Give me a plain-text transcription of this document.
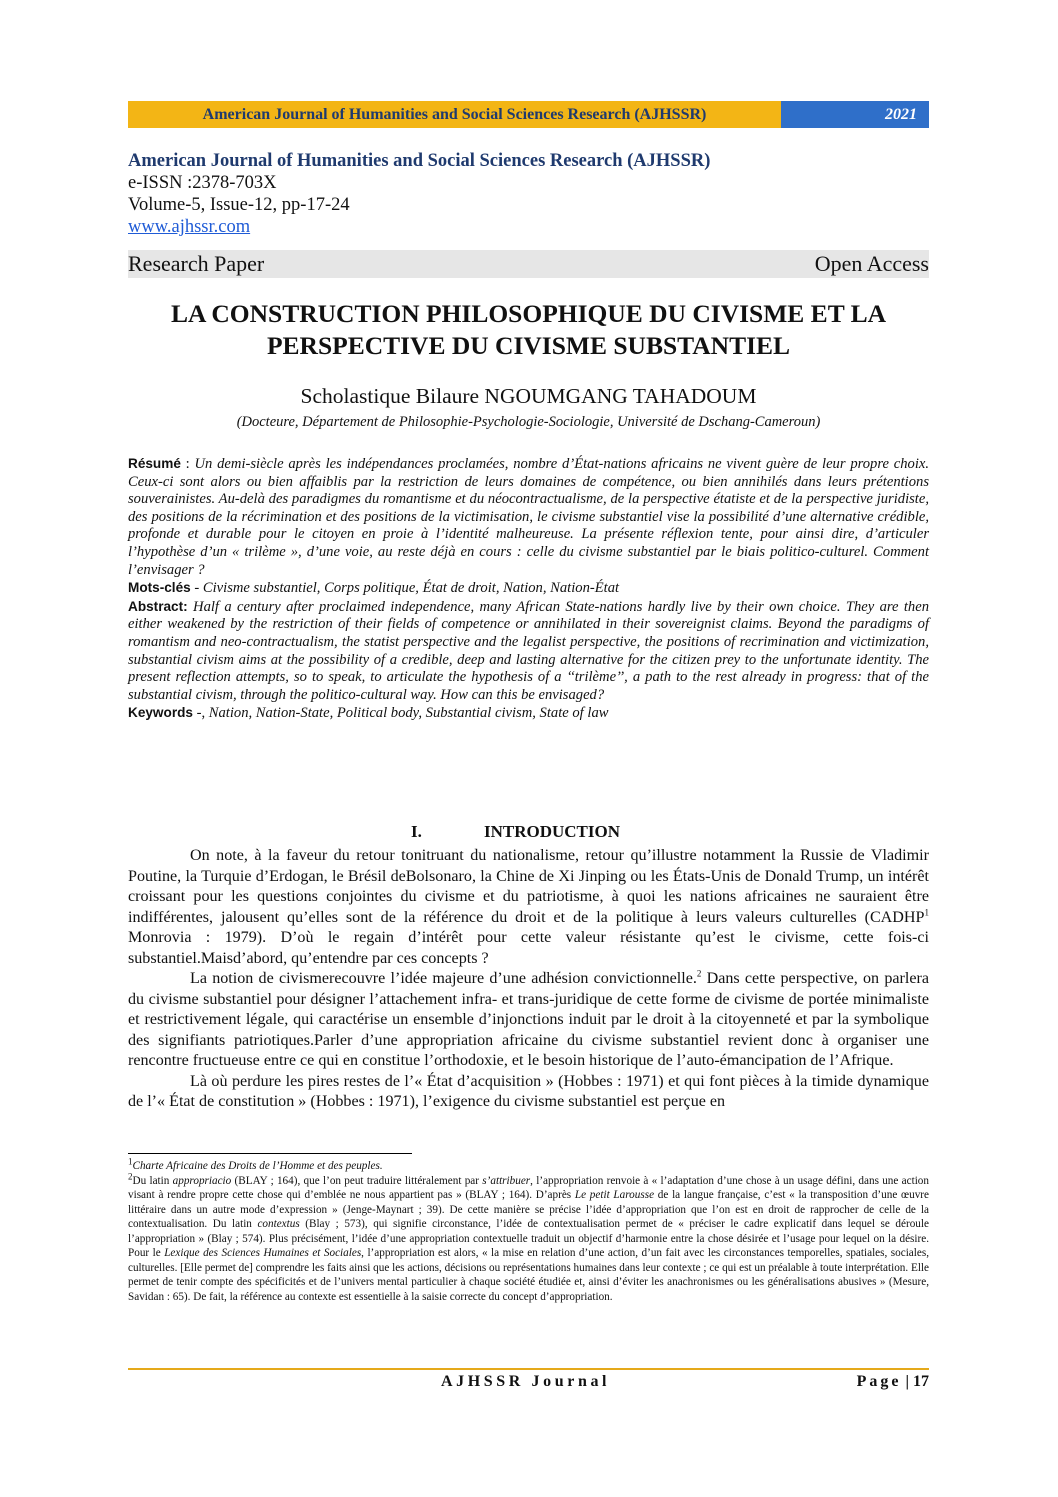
American Journal of Humanities and Social Sciences Research (AJHSSR)	2021
American Journal of Humanities and Social Sciences Research (AJHSSR)
e-ISSN :2378-703X
Volume-5, Issue-12, pp-17-24
www.ajhssr.com
Research Paper	Open Access
LA CONSTRUCTION PHILOSOPHIQUE DU CIVISME ET LA
PERSPECTIVE DU CIVISME SUBSTANTIEL
Scholastique Bilaure NGOUMGANG TAHADOUM
(Docteure, Département de Philosophie-Psychologie-Sociologie, Université de Dschang-Cameroun)

Résumé : Un demi-siècle après les indépendances proclamées, nombre d’État-nations africains ne vivent guère de leur propre choix. Ceux-ci sont alors ou bien affaiblis par la restriction de leurs domaines de compétence, ou bien annihilés dans leurs prétentions souverainistes. Au-delà des paradigmes du romantisme et du néocontractualisme, de la perspective étatiste et de la perspective juridiste, des positions de la récrimination et des positions de la victimisation, le civisme substantiel vise la possibilité d’une alternative crédible, profonde et durable pour le citoyen en proie à l’identité malheureuse. La présente réflexion tente, pour ainsi dire, d’articuler l’hypothèse d’un « trilème », d’une voie, au reste déjà en cours : celle du civisme substantiel par le biais politico-culturel. Comment l’envisager ?

Mots-clés - Civisme substantiel, Corps politique, État de droit, Nation, Nation-État

Abstract: Half a century after proclaimed independence, many African State-nations hardly live by their own choice. They are then either weakened by the restriction of their fields of competence or annihilated in their sovereignist claims. Beyond the paradigms of romantism and neo-contractualism, the statist perspective and the legalist perspective, the positions of recrimination and victimization, substantial civism aims at the possibility of a credible, deep and lasting alternative for the citizen prey to the unfortunate identity. The present reflection attempts, so to speak, to articulate the hypothesis of a ‘‘trilème’’, a path to the rest already in progress: that of the substantial civism, through the politico-cultural way. How can this be envisaged?

Keywords -, Nation, Nation-State, Political body, Substantial civism, State of law

I.	INTRODUCTION

On note, à la faveur du retour tonitruant du nationalisme, retour qu’illustre notamment la Russie de Vladimir Poutine, la Turquie d’Erdogan, le Brésil deBolsonaro, la Chine de Xi Jinping ou les États-Unis de Donald Trump, un intérêt croissant pour les questions conjointes du civisme et du patriotisme, à quoi les nations africaines ne sauraient être indifférentes, jalousent qu’elles sont de la référence du droit et de la politique à leurs valeurs culturelles (CADHP$^1$ Monrovia : 1979). D’où le regain d’intérêt pour cette valeur résistante qu’est le civisme, cette fois-ci substantiel.Maisd’abord, qu’entendre par ces concepts ?

La notion de civismerecouvre l’idée majeure d’une adhésion convictionnelle.$^2$ Dans cette perspective, on parlera du civisme substantiel pour désigner l’attachement infra- et trans-juridique de cette forme de civisme de portée minimaliste et restrictivement légale, qui caractérise un ensemble d’injonctions induit par le droit à la citoyenneté et par la symbolique des signifiants patriotiques.Parler d’une appropriation africaine du civisme substantiel revient donc à organiser une rencontre fructueuse entre ce qui en constitue l’orthodoxie, et le besoin historique de l’auto-émancipation de l’Afrique.

Là où perdure les pires restes de l’« État d’acquisition » (Hobbes : 1971) et qui font pièces à la timide dynamique de l’« État de constitution » (Hobbes : 1971), l’exigence du civisme substantiel est perçue en

$^1$Charte Africaine des Droits de l’Homme et des peuples.

$^2$Du latin appropriacio (BLAY ; 164), que l’on peut traduire littéralement par s’attribuer, l’appropriation renvoie à « l’adaptation d’une chose à un usage défini, dans une action visant à rendre propre cette chose qui d’emblée ne nous appartient pas » (BLAY ; 164). D’après Le petit Larousse de la langue française, c’est « la transposition d’une œuvre littéraire dans un autre mode d’expression » (Jenge-Maynart ; 39). De cette manière se précise l’idée d’appropriation que l’on est en droit de rapprocher de celle de la contextualisation. Du latin contextus (Blay ; 573), qui signifie circonstance, l’idée de contextualisation permet de « préciser le cadre explicatif dans lequel se déroule l’appropriation » (Blay ; 574). Plus précisément, l’idée d’une appropriation contextuelle traduit un objectif d’harmonie entre la chose désirée et l’usage pour lequel on la désire. Pour le Lexique des Sciences Humaines et Sociales, l’appropriation est alors, « la mise en relation d’une action, d’un fait avec les circonstances temporelles, spatiales, sociales, culturelles. [Elle permet de] comprendre les faits ainsi que les actions, décisions ou représentations humaines dans leur contexte ; ce qui est un préalable à toute interprétation. Elle permet de tenir compte des spécificités et de l’univers mental particulier à chaque société étudiée et, ainsi d’éviter les anachronismes ou les généralisations abusives » (Mesure, Savidan : 65). De fait, la référence au contexte est essentielle à la saisie correcte du concept d’appropriation.

AJHSSR Journal	Page | 17
